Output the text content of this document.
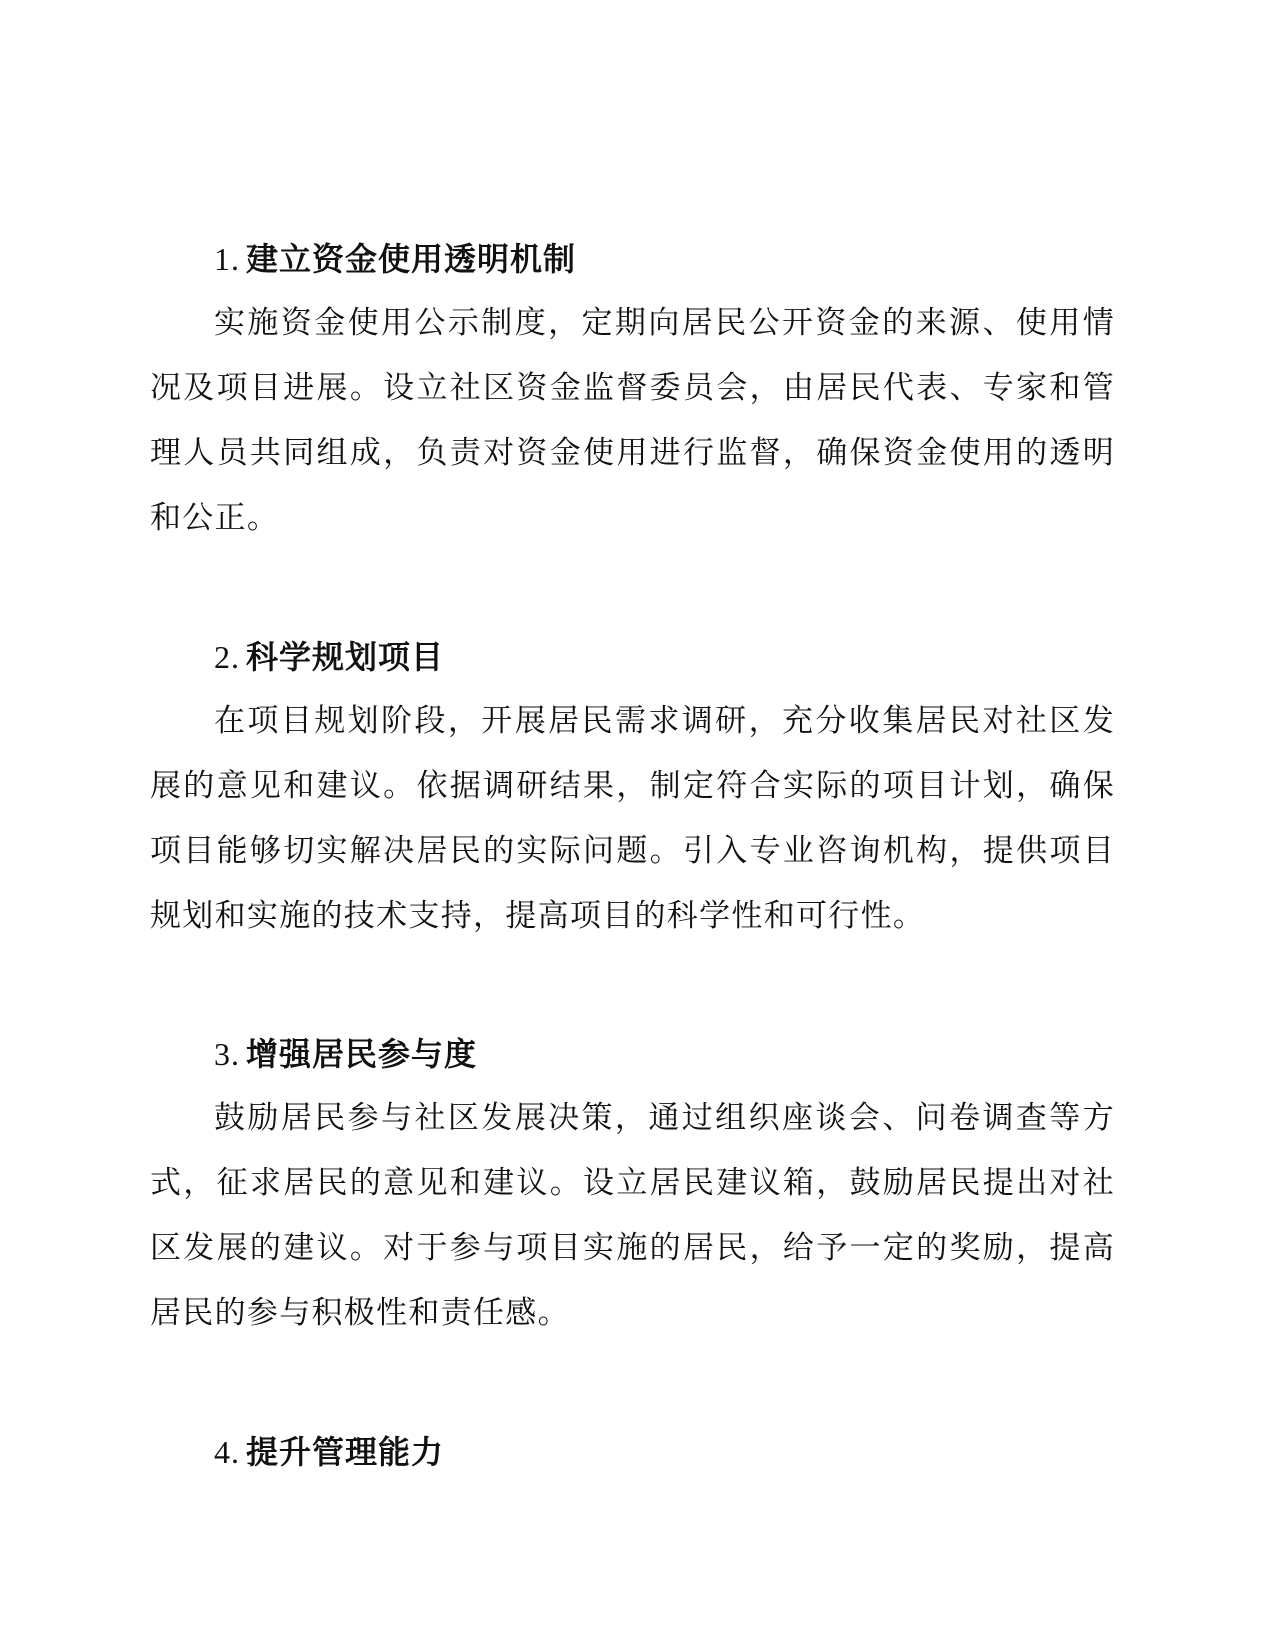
1. 建立资金使用透明机制

实施资金使用公示制度，定期向居民公开资金的来源、使用情况及项目进展。设立社区资金监督委员会，由居民代表、专家和管理人员共同组成，负责对资金使用进行监督，确保资金使用的透明和公正。

2. 科学规划项目

在项目规划阶段，开展居民需求调研，充分收集居民对社区发展的意见和建议。依据调研结果，制定符合实际的项目计划，确保项目能够切实解决居民的实际问题。引入专业咨询机构，提供项目规划和实施的技术支持，提高项目的科学性和可行性。

3. 增强居民参与度

鼓励居民参与社区发展决策，通过组织座谈会、问卷调查等方式，征求居民的意见和建议。设立居民建议箱，鼓励居民提出对社区发展的建议。对于参与项目实施的居民，给予一定的奖励，提高居民的参与积极性和责任感。

4. 提升管理能力
